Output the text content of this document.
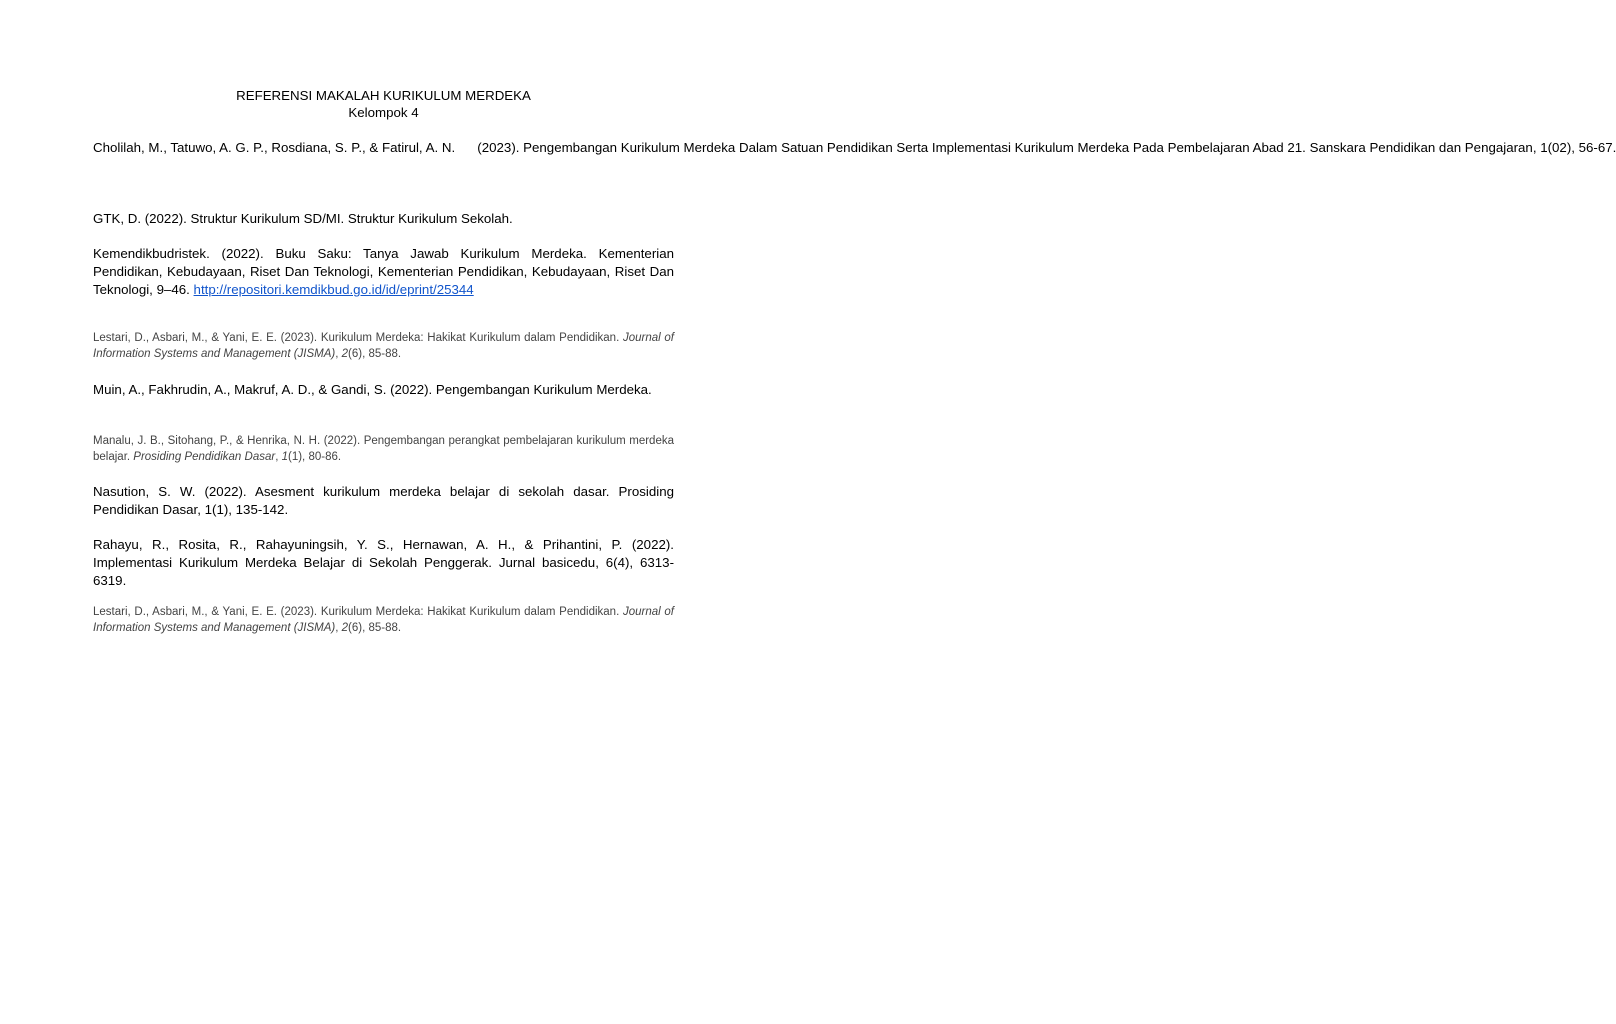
REFERENSI MAKALAH KURIKULUM MERDEKA
Kelompok 4

Cholilah, M., Tatuwo, A. G. P., Rosdiana, S. P., & Fatirul, A. N.      (2023). Pengembangan Kurikulum Merdeka Dalam Satuan Pendidikan Serta Implementasi Kurikulum Merdeka Pada Pembelajaran Abad 21. Sanskara Pendidikan dan Pengajaran, 1(02), 56-67.

GTK, D. (2022). Struktur Kurikulum SD/MI. Struktur Kurikulum Sekolah.

Kemendikbudristek. (2022). Buku Saku: Tanya Jawab Kurikulum Merdeka. Kementerian Pendidikan, Kebudayaan, Riset Dan Teknologi, Kementerian Pendidikan, Kebudayaan, Riset Dan Teknologi, 9–46. http://repositori.kemdikbud.go.id/id/eprint/25344

Lestari, D., Asbari, M., & Yani, E. E. (2023). Kurikulum Merdeka: Hakikat Kurikulum dalam Pendidikan. Journal of Information Systems and Management (JISMA), 2(6), 85-88.

Muin, A., Fakhrudin, A., Makruf, A. D., & Gandi, S. (2022). Pengembangan Kurikulum Merdeka.

Manalu, J. B., Sitohang, P., & Henrika, N. H. (2022). Pengembangan perangkat pembelajaran kurikulum merdeka belajar. Prosiding Pendidikan Dasar, 1(1), 80-86.

Nasution, S. W. (2022). Asesment kurikulum merdeka belajar di sekolah dasar. Prosiding Pendidikan Dasar, 1(1), 135-142.

Rahayu, R., Rosita, R., Rahayuningsih, Y. S., Hernawan, A. H., & Prihantini, P. (2022). Implementasi Kurikulum Merdeka Belajar di Sekolah Penggerak. Jurnal basicedu, 6(4), 6313-6319.

Lestari, D., Asbari, M., & Yani, E. E. (2023). Kurikulum Merdeka: Hakikat Kurikulum dalam Pendidikan. Journal of Information Systems and Management (JISMA), 2(6), 85-88.
